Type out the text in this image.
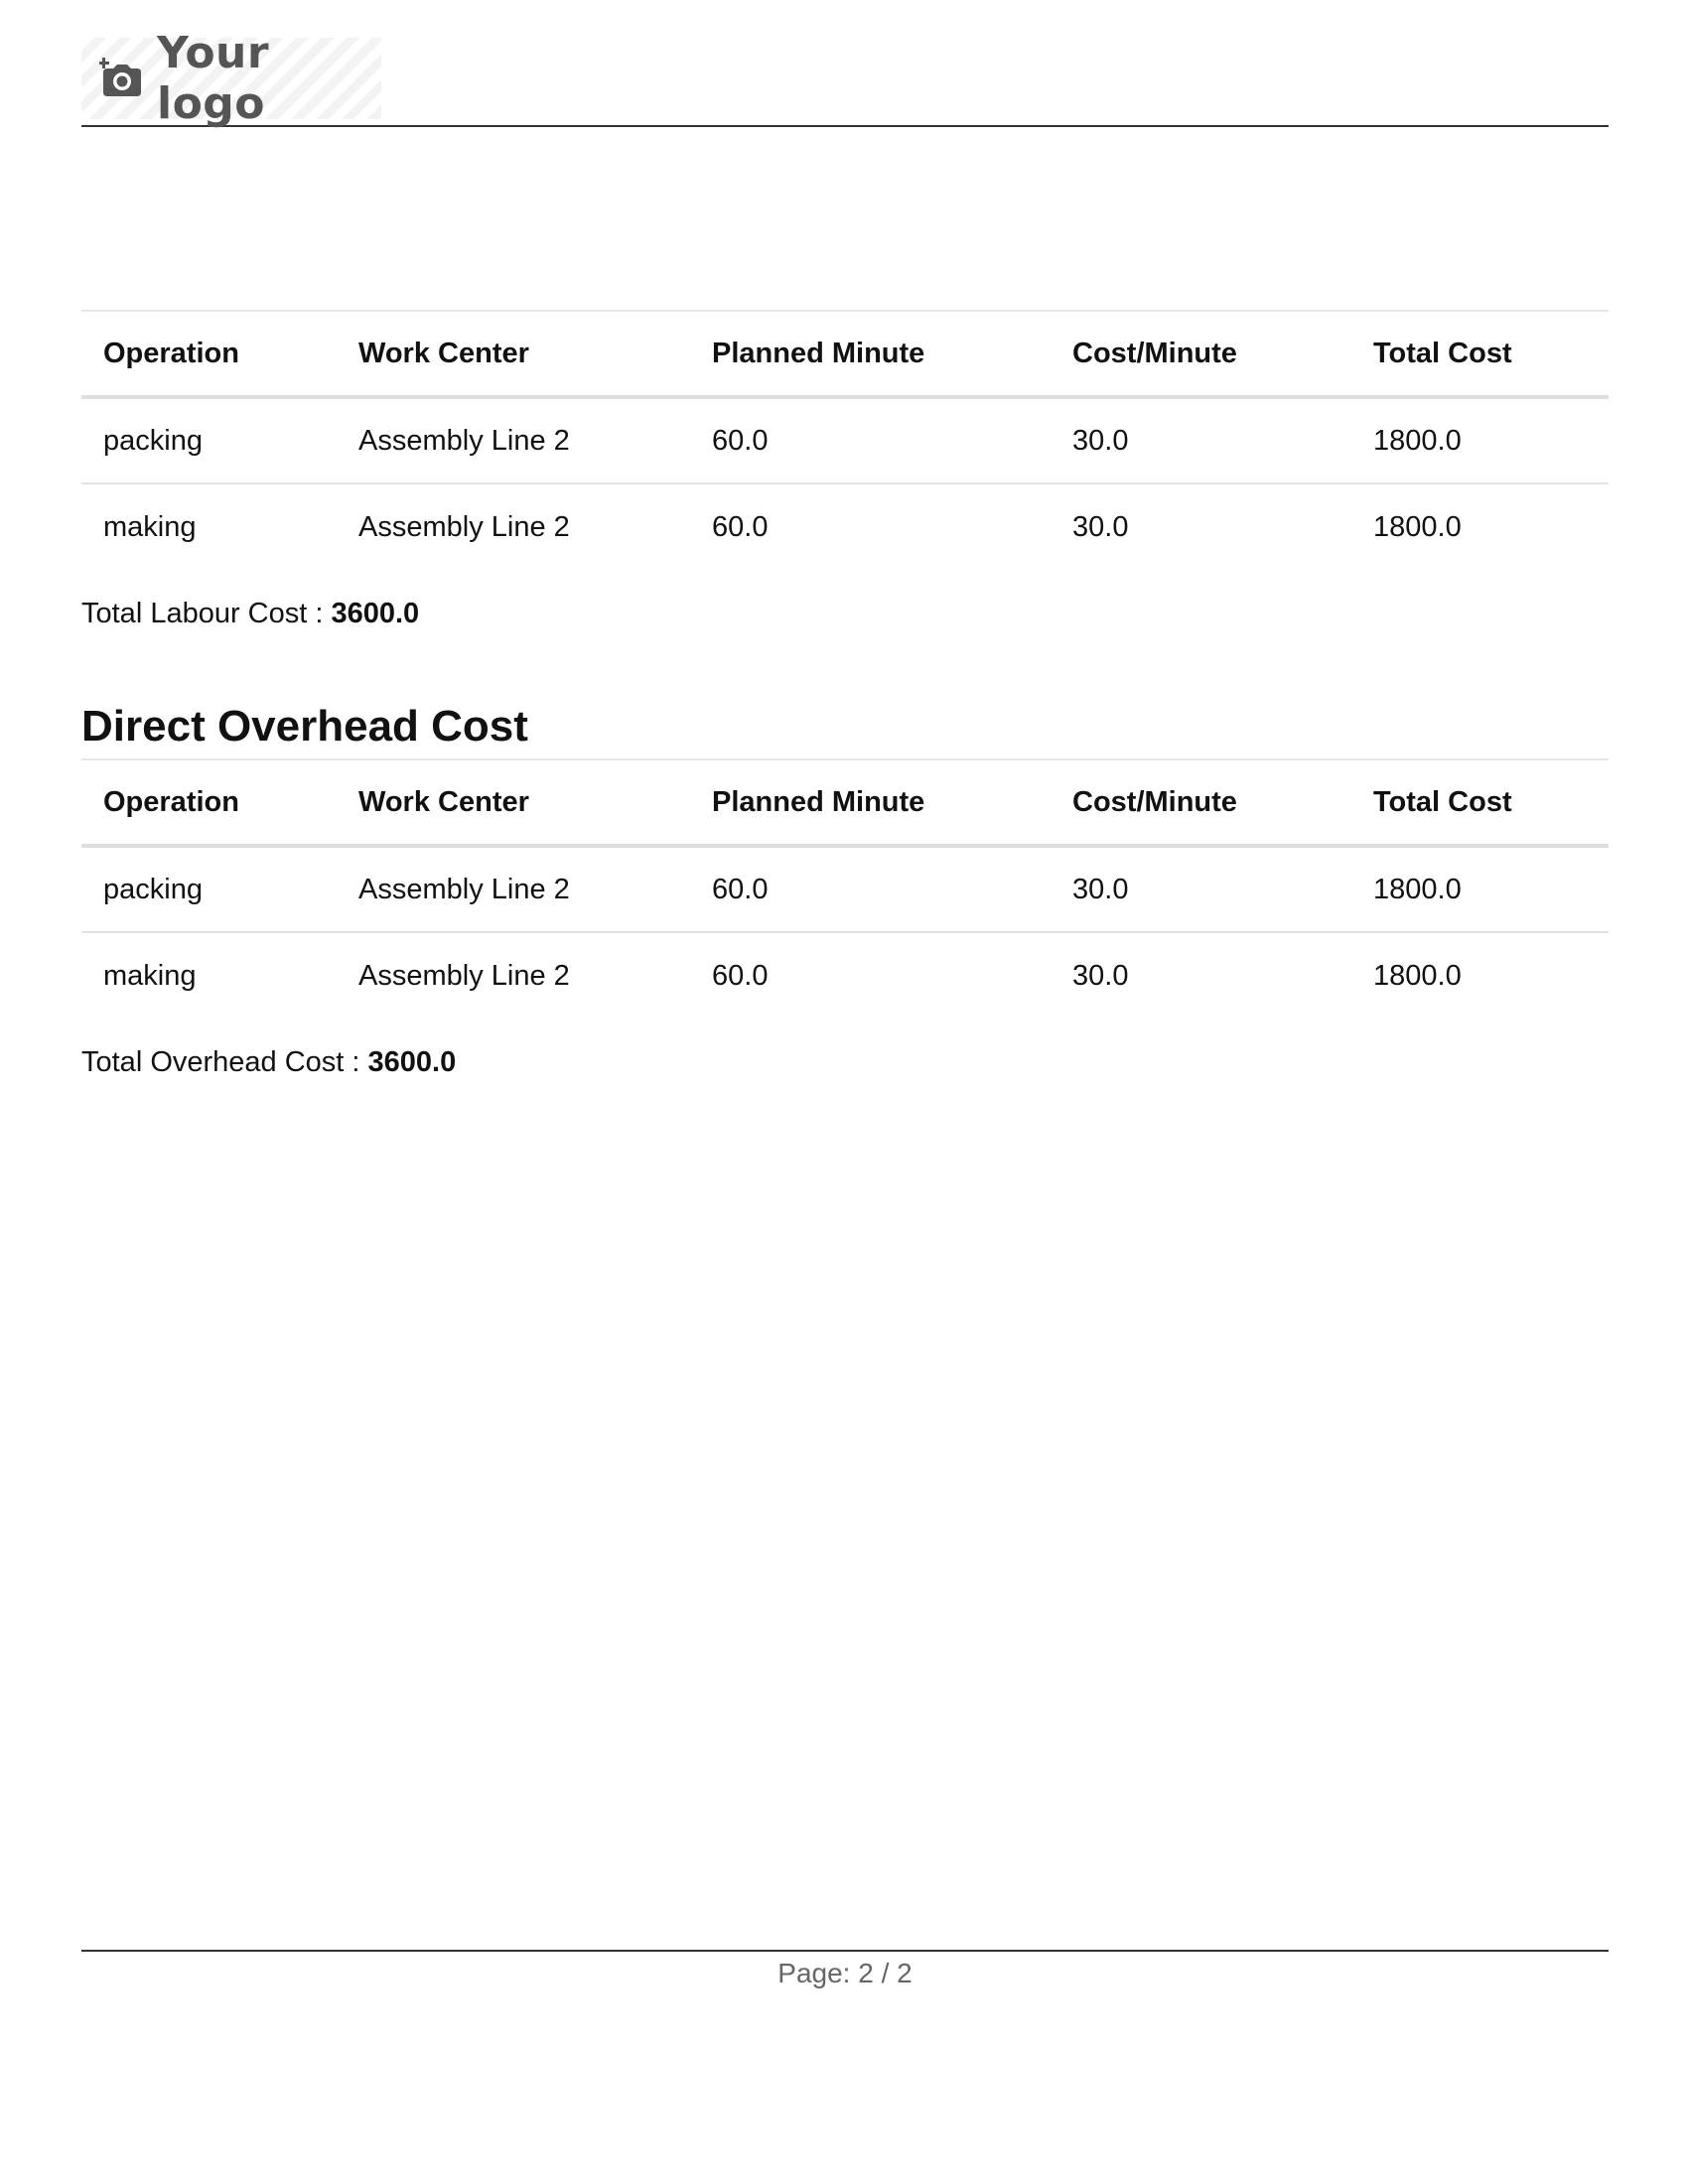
Your logo
Operation	Work Center	Planned Minute	Cost/Minute	Total Cost
packing	Assembly Line 2	60.0	30.0	1800.0
making	Assembly Line 2	60.0	30.0	1800.0
Total Labour Cost : 3600.0
Direct Overhead Cost
Operation	Work Center	Planned Minute	Cost/Minute	Total Cost
packing	Assembly Line 2	60.0	30.0	1800.0
making	Assembly Line 2	60.0	30.0	1800.0
Total Overhead Cost : 3600.0
Page: 2 / 2
